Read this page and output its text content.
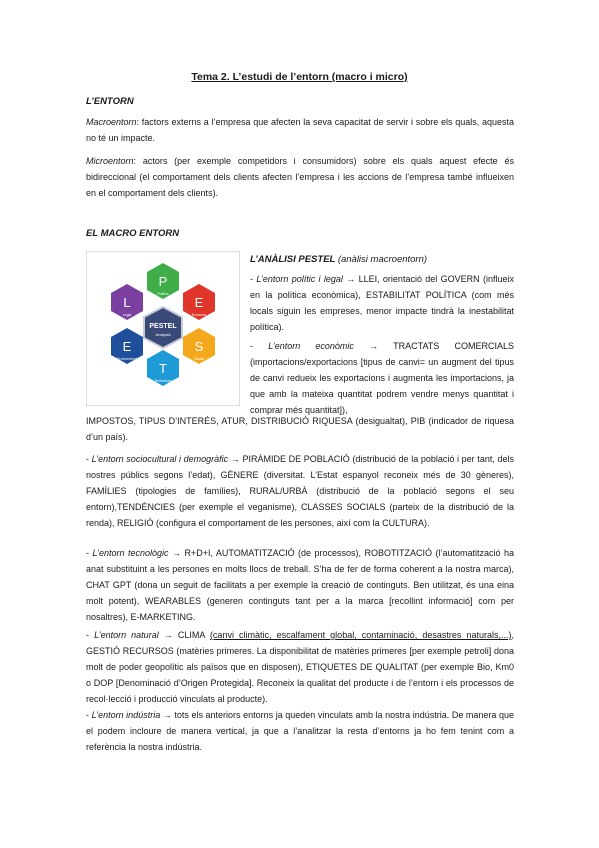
Tema 2. L’estudi de l’entorn (macro i micro)
L’ENTORN
Macroentorn: factors externs a l’empresa que afecten la seva capacitat de servir i sobre els quals, aquesta no té un impacte.
Microentorn: actors (per exemple competidors i consumidors) sobre els quals aquest efecte és bidireccional (el comportament dels clients afecten l’empresa i les accions de l’empresa també influeixen en el comportament dels clients).
EL MACRO ENTORN
P
Politics
E
Economy
S
Social
T
Technology
E
Environment
L
Legal
PESTEL
Analysis
L’ANÀLISI PESTEL (anàlisi macroentorn)
- L’entorn polític i legal → LLEI, orientació del GOVERN (influeix en la política econòmica), ESTABILITAT POLÍTICA (com més locals siguin les empreses, menor impacte tindrà la inestabilitat política).
- L’entorn econòmic → TRACTATS COMERCIALS (importacions/exportacions [tipus de canvi= un augment del tipus de canvi redueix les exportacions i augmenta les importacions, ja que amb la mateixa quantitat podrem vendre menys quantitat i comprar més quantitat]),
IMPOSTOS, TIPUS D’INTERÉS, ATUR, DISTRIBUCIÓ RIQUESA (desigualtat), PIB (indicador de riquesa d’un país).
- L’entorn sociocultural i demogràfic → PIRÀMIDE DE POBLACIÓ (distribució de la població i per tant, dels nostres públics segons l’edat), GÈNERE (diversitat. L’Estat espanyol reconeix més de 30 gèneres), FAMÍLIES (tipologies de famílies), RURAL/URBÀ (distribució de la població segons el seu entorn),TENDÈNCIES (per exemple el veganisme), CLASSES SOCIALS (parteix de la distribució de la renda), RELIGIÓ (configura el comportament de les persones, així com la CULTURA).
- L’entorn tecnològic → R+D+I, AUTOMATITZACIÓ (de processos), ROBOTITZACIÓ (l’automatització ha anat substituint a les persones en molts llocs de treball. S’ha de fer de forma coherent a la nostra marca), CHAT GPT (dona un seguit de facilitats a per exemple la creació de continguts. Ben utilitzat, és una eina molt potent), WEARABLES (generen continguts tant per a la marca [recollint informació] com per nosaltres), E-MARKETING.
- L’entorn natural → CLIMA (canvi climàtic, escalfament global, contaminació, desastres naturals,...), GESTIÓ RECURSOS (matèries primeres. La disponibilitat de matèries primeres [per exemple petroli] dona molt de poder geopolític als països que en disposen), ETIQUETES DE QUALITAT (per exemple Bio, Km0 o DOP [Denominació d’Origen Protegida]. Reconeix la qualitat del producte i de l’entorn i els processos de recol·lecció i producció vinculats al producte).
- L’entorn indústria → tots els anteriors entorns ja queden vinculats amb la nostra indústria. De manera que el podem incloure de manera vertical, ja que a l’analitzar la resta d’entorns ja ho fem tenint com a referència la nostra indústria.
